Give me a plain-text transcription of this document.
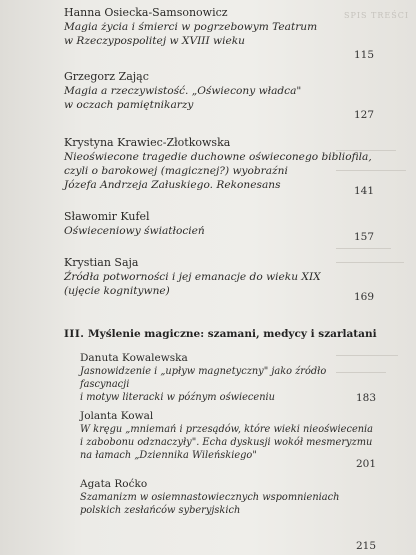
SPIS TREŚCI
Hanna Osiecka-Samsonowicz
Magia życia i śmierci w pogrzebowym Teatrum
w Rzeczypospolitej w XVIII wieku
115
Grzegorz Zając
Magia a rzeczywistość. „Oświecony władca"
w oczach pamiętnikarzy
127
Krystyna Krawiec-Złotkowska
Nieoświecone tragedie duchowne oświeconego bibliofila,
czyli o barokowej (magicznej?) wyobraźni
Józefa Andrzeja Załuskiego. Rekonesans	141
Sławomir Kufel
Oświeceniowy światłocień	157
Krystian Saja
Źródła potworności i jej emanacje do wieku XIX
(ujęcie kognitywne)	169
III. Myślenie magiczne: szamani, medycy i szarlatani
Danuta Kowalewska
Jasnowidzenie i „upływ magnetyczny" jako źródło fascynacji
i motyw literacki w późnym oświeceniu	183
Jolanta Kowal
W kręgu „mniemań i przesądów, które wieki nieoświecenia
i zabobonu odznaczyły". Echa dyskusji wokół mesmeryzmu
na łamach „Dziennika Wileńskiego"
201
Agata Roćko
Szamanizm w osiemnastowiecznych wspomnieniach
polskich zesłańców syberyjskich
215
